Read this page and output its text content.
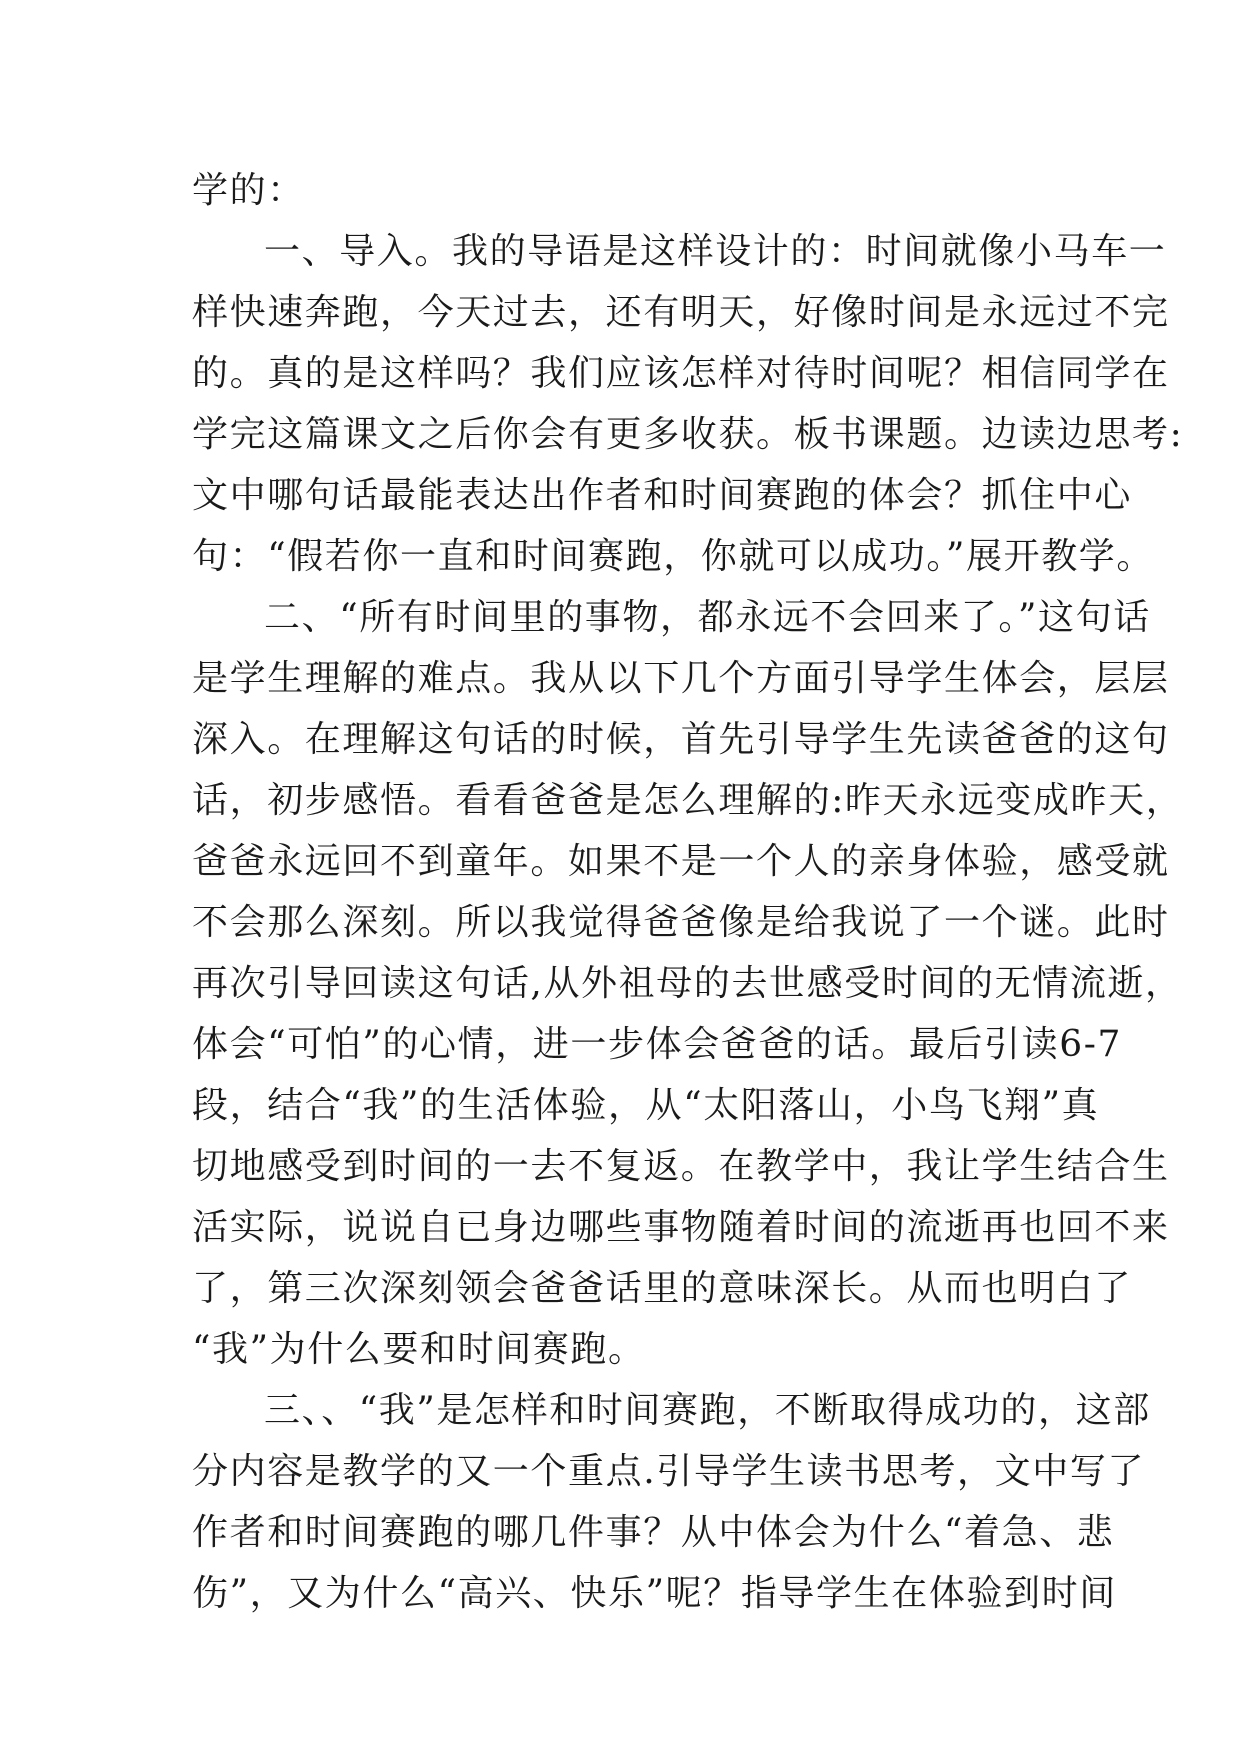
学的：
一、导入。我的导语是这样设计的：时间就像小马车一
样快速奔跑，今天过去，还有明天，好像时间是永远过不完
的。真的是这样吗？我们应该怎样对待时间呢？相信同学在
学完这篇课文之后你会有更多收获。板书课题。边读边思考:
文中哪句话最能表达出作者和时间赛跑的体会？抓住中心
句：“假若你一直和时间赛跑，你就可以成功。”展开教学。
二、“所有时间里的事物，都永远不会回来了。”这句话
是学生理解的难点。我从以下几个方面引导学生体会，层层
深入。在理解这句话的时候，首先引导学生先读爸爸的这句
话，初步感悟。看看爸爸是怎么理解的:昨天永远变成昨天，
爸爸永远回不到童年。如果不是一个人的亲身体验，感受就
不会那么深刻。所以我觉得爸爸像是给我说了一个谜。此时
再次引导回读这句话,从外祖母的去世感受时间的无情流逝，
体会“可怕”的心情，进一步体会爸爸的话。最后引读6-7
段，结合“我”的生活体验，从“太阳落山，小鸟飞翔”真
切地感受到时间的一去不复返。在教学中，我让学生结合生
活实际，说说自已身边哪些事物随着时间的流逝再也回不来
了，第三次深刻领会爸爸话里的意味深长。从而也明白了
“我”为什么要和时间赛跑。
三、、“我”是怎样和时间赛跑，不断取得成功的，这部
分内容是教学的又一个重点.引导学生读书思考，文中写了
作者和时间赛跑的哪几件事？从中体会为什么“着急、悲
伤”，又为什么“高兴、快乐”呢？指导学生在体验到时间
